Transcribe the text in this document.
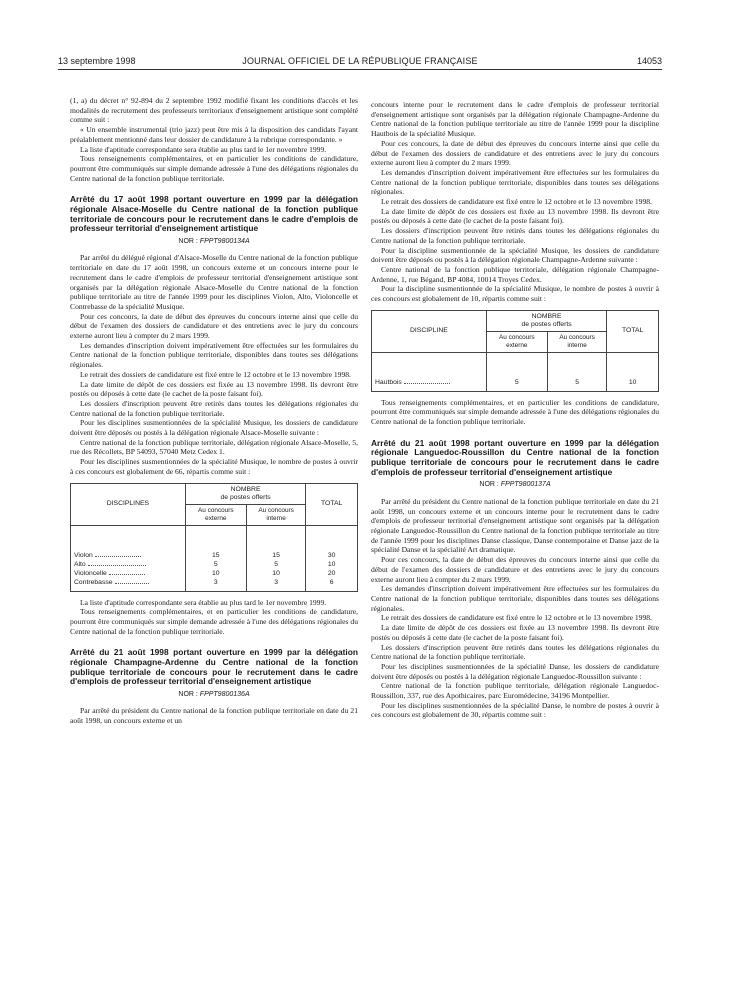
13 septembre 1998	JOURNAL OFFICIEL DE LA RÉPUBLIQUE FRANÇAISE	14053

(1, a) du décret n° 92-894 du 2 septembre 1992 modifié fixant les conditions d'accès et les modalités de recrutement des professeurs territoriaux d'enseignement artistique sont complété comme suit :

« Un ensemble instrumental (trio jazz) peut être mis à la disposition des candidats l'ayant préalablement mentionné dans leur dossier de candidature à la rubrique correspondante. »

La liste d'aptitude correspondante sera établie au plus tard le 1er novembre 1999.

Tous renseignements complémentaires, et en particulier les conditions de candidature, pourront être communiqués sur simple demande adressée à l'une des délégations régionales du Centre national de la fonction publique territoriale.

Arrêté du 17 août 1998 portant ouverture en 1999 par la délégation régionale Alsace-Moselle du Centre national de la fonction publique territoriale de concours pour le recrutement dans le cadre d'emplois de professeur territorial d'enseignement artistique
NOR : FPPT9800134A

Par arrêté du délégué régional d'Alsace-Moselle du Centre national de la fonction publique territoriale en date du 17 août 1998, un concours externe et un concours interne pour le recrutement dans le cadre d'emplois de professeur territorial d'enseignement artistique sont organisés par la délégation régionale Alsace-Moselle du Centre national de la fonction publique territoriale au titre de l'année 1999 pour les disciplines Violon, Alto, Violoncelle et Contrebasse de la spécialité Musique.

Pour ces concours, la date de début des épreuves du concours interne ainsi que celle du début de l'examen des dossiers de candidature et des entretiens avec le jury du concours externe auront lieu à compter du 2 mars 1999.

Les demandes d'inscription doivent impérativement être effectuées sur les formulaires du Centre national de la fonction publique territoriale, disponibles dans toutes ses délégations régionales.

Le retrait des dossiers de candidature est fixé entre le 12 octobre et le 13 novembre 1998.

La date limite de dépôt de ces dossiers est fixée au 13 novembre 1998. Ils devront être postés ou déposés à cette date (le cachet de la poste faisant foi).

Les dossiers d'inscription peuvent être retirés dans toutes les délégations régionales du Centre national de la fonction publique territoriale.

Pour les disciplines susmentionnées de la spécialité Musique, les dossiers de candidature doivent être déposés ou postés à la délégation régionale Alsace-Moselle suivante :

Centre national de la fonction publique territoriale, délégation régionale Alsace-Moselle, 5, rue des Récollets, BP 54093, 57040 Metz Cedex 1.

Pour les disciplines susmentionnées de la spécialité Musique, le nombre de postes à ouvrir à ces concours est globalement de 66, répartis comme suit :

DISCIPLINES	NOMBRE
de postes offerts		TOTAL
	Au concours externe	Au concours interne	
Violon	15	15	30
Alto	5	5	10
Violoncelle	10	10	20
Contrebasse	3	3	6

La liste d'aptitude correspondante sera établie au plus tard le 1er novembre 1999.

Tous renseignements complémentaires, et en particulier les conditions de candidature, pourront être communiqués sur simple demande adressée à l'une des délégations régionales du Centre national de la fonction publique territoriale.

Arrêté du 21 août 1998 portant ouverture en 1999 par la délégation régionale Champagne-Ardenne du Centre national de la fonction publique territoriale de concours pour le recrutement dans le cadre d'emplois de professeur territorial d'enseignement artistique
NOR : FPPT9800136A

Par arrêté du président du Centre national de la fonction publique territoriale en date du 21 août 1998, un concours externe et un

concours interne pour le recrutement dans le cadre d'emplois de professeur territorial d'enseignement artistique sont organisés par la délégation régionale Champagne-Ardenne du Centre national de la fonction publique territoriale au titre de l'année 1999 pour la discipline Hautbois de la spécialité Musique.

Pour ces concours, la date de début des épreuves du concours interne ainsi que celle du début de l'examen des dossiers de candidature et des entretiens avec le jury du concours externe auront lieu à compter du 2 mars 1999.

Les demandes d'inscription doivent impérativement être effectuées sur les formulaires du Centre national de la fonction publique territoriale, disponibles dans toutes ses délégations régionales.

Le retrait des dossiers de candidature est fixé entre le 12 octobre et le 13 novembre 1998.

La date limite de dépôt de ces dossiers est fixée au 13 novembre 1998. Ils devront être postés ou déposés à cette date (le cachet de la poste faisant foi).

Les dossiers d'inscription peuvent être retirés dans toutes les délégations régionales du Centre national de la fonction publique territoriale.

Pour la discipline susmentionnée de la spécialité Musique, les dossiers de candidature doivent être déposés ou postés à la délégation régionale Champagne-Ardenne suivante :

Centre national de la fonction publique territoriale, délégation régionale Champagne-Ardenne, 1, rue Bégand, BP 4084, 10014 Troyes Cedex.

Pour la discipline susmentionnée de la spécialité Musique, le nombre de postes à ouvrir à ces concours est globalement de 10, répartis comme suit :

DISCIPLINE	NOMBRE
de postes offerts		TOTAL
	Au concours externe	Au concours interne	
Hautbois	5	5	10

Tous renseignements complémentaires, et en particulier les conditions de candidature, pourront être communiqués sur simple demande adressée à l'une des délégations régionales du Centre national de la fonction publique territoriale.

Arrêté du 21 août 1998 portant ouverture en 1999 par la délégation régionale Languedoc-Roussillon du Centre national de la fonction publique territoriale de concours pour le recrutement dans le cadre d'emplois de professeur territorial d'enseignement artistique
NOR : FPPT9800137A

Par arrêté du président du Centre national de la fonction publique territoriale en date du 21 août 1998, un concours externe et un concours interne pour le recrutement dans le cadre d'emplois de professeur territorial d'enseignement artistique sont organisés par la délégation régionale Languedoc-Roussillon du Centre national de la fonction publique territoriale au titre de l'année 1999 pour les disciplines Danse classique, Danse contemporaine et Danse jazz de la spécialité Danse et la spécialité Art dramatique.

Pour ces concours, la date de début des épreuves du concours interne ainsi que celle du début de l'examen des dossiers de candidature et des entretiens avec le jury du concours externe auront lieu à compter du 2 mars 1999.

Les demandes d'inscription doivent impérativement être effectuées sur les formulaires du Centre national de la fonction publique territoriale, disponibles dans toutes ses délégations régionales.

Le retrait des dossiers de candidature est fixé entre le 12 octobre et le 13 novembre 1998.

La date limite de dépôt de ces dossiers est fixée au 13 novembre 1998. Ils devront être postés ou déposés à cette date (le cachet de la poste faisant foi).

Les dossiers d'inscription peuvent être retirés dans toutes les délégations régionales du Centre national de la fonction publique territoriale.

Pour les disciplines susmentionnées de la spécialité Danse, les dossiers de candidature doivent être déposés ou postés à la délégation régionale Languedoc-Roussillon suivante :

Centre national de la fonction publique territoriale, délégation régionale Languedoc-Roussillon, 337, rue des Apothicaires, parc Euromédecine, 34196 Montpellier.

Pour les disciplines susmentionnées de la spécialité Danse, le nombre de postes à ouvrir à ces concours est globalement de 30, répartis comme suit :
